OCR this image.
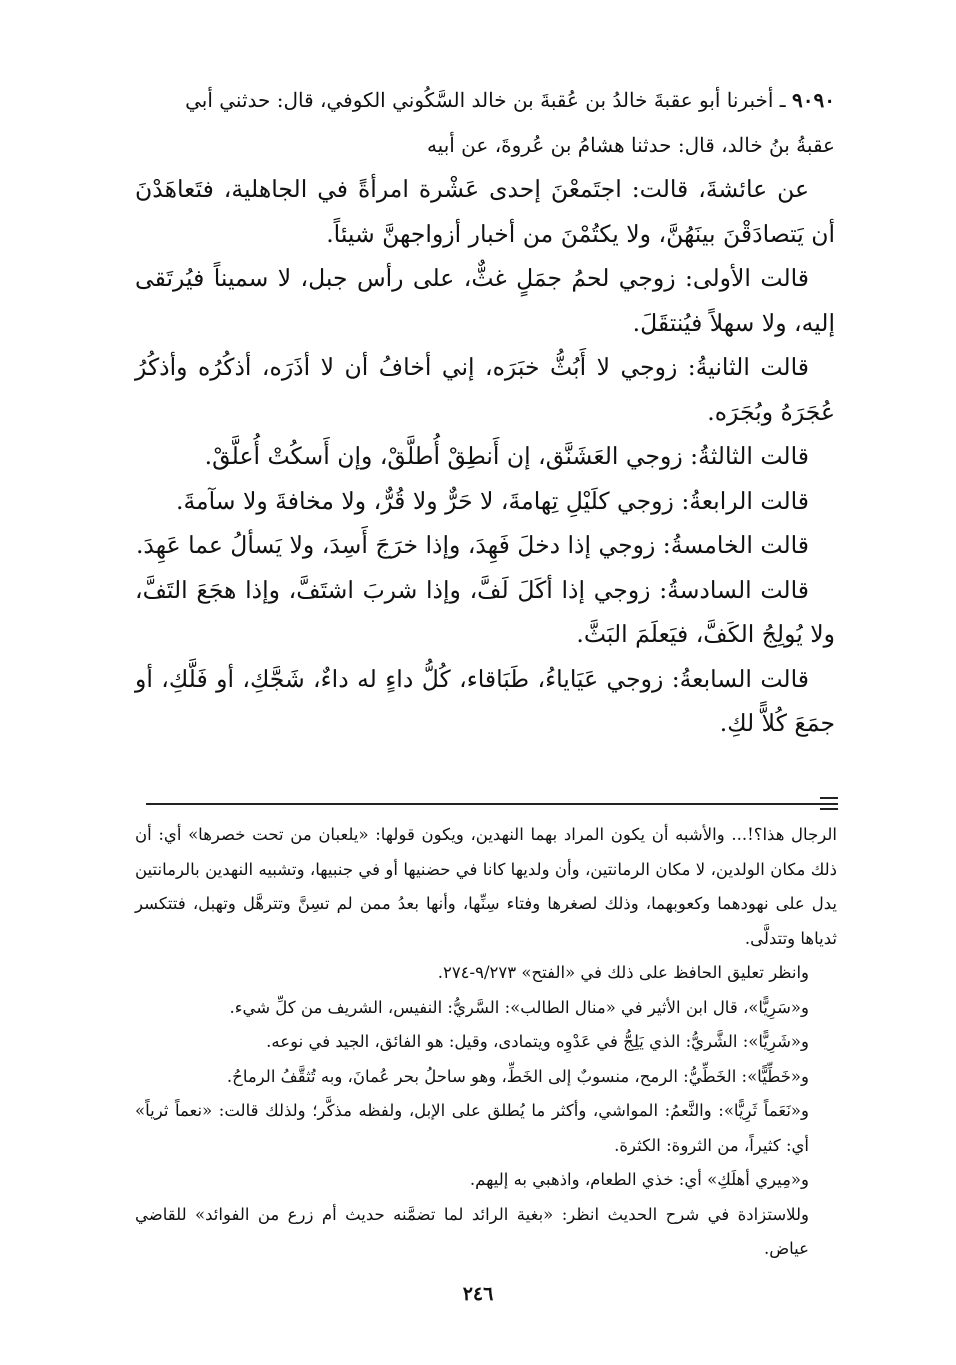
٩٠٩٠ ـ أخبرنا أبو عقبةَ خالدُ بن عُقبةَ بن خالد السَّكُوني الكوفي، قال: حدثني أبي

عقبةُ بنُ خالد، قال: حدثنا هشامُ بن عُروةَ، عن أبيه

عن عائشةَ، قالت: اجتَمعْنَ إحدى عَشْرة امرأةً في الجاهلية، فتَعاهَدْنَ أن يَتصادَقْنَ بينَهُنَّ، ولا يكتُمْنَ من أخبار أزواجهنَّ شيئاً.

قالت الأولى: زوجي لحمُ جمَلٍ غثٌّ، على رأس جبل، لا سميناً فيُرتَقى إليه، ولا سهلاً فيُنتقَلَ.

قالت الثانيةُ: زوجي لا أَبُثُّ خبَرَه، إني أخافُ أن لا أذَرَه، أذكُرُه وأذكُرُ عُجَرَهُ وبُجَرَه.

قالت الثالثةُ: زوجي العَشَنَّق، إن أَنطِقْ أُطلَّقْ، وإن أَسكُتْ أُعلَّقْ.

قالت الرابعةُ: زوجي كلَيْلِ تِهامةَ، لا حَرٌّ ولا قُرٌّ، ولا مخافةَ ولا سآمةَ.

قالت الخامسةُ: زوجي إذا دخلَ فَهِدَ، وإذا خرَجَ أَسِدَ، ولا يَسألُ عما عَهِدَ.

قالت السادسةُ: زوجي إذا أكَلَ لَفَّ، وإذا شربَ اشتَفَّ، وإذا هجَعَ التَفَّ، ولا يُولِجُ الكَفَّ، فيَعلَمَ البَثَّ.

قالت السابعةُ: زوجي عَيَاياءُ، طَبَاقاء، كُلُّ داءٍ له داءٌ، شَجَّكِ، أو فَلَّكِ، أو جمَعَ كُلاًّ لكِ.

الرجال هذا؟!... والأشبه أن يكون المراد بهما النهدين، ويكون قولها: «يلعبان من تحت خصرها» أي: أن ذلك مكان الولدين، لا مكان الرمانتين، وأن ولديها كانا في حضنيها أو في جنبيها، وتشبيه النهدين بالرمانتين يدل على نهودهما وكعوبهما، وذلك لصغرها وفتاء سِنِّها، وأنها بعدُ ممن لم تسِنَّ وتترهَّل وتهبل، فتتكسر ثدياها وتتدلَّى.

وانظر تعليق الحافظ على ذلك في «الفتح» ٩/٢٧٣-٢٧٤.

و«سَرِيًّا»، قال ابن الأثير في «منال الطالب»: السَّريُّ: النفيس، الشريف من كلِّ شيء.

و«شَرِيًّا»: الشَّريُّ: الذي يَلِجُّ في عَدْوِه ويتمادى، وقيل: هو الفائق، الجيد في نوعه.

و«خَطِّيًّا»: الخَطِّيُّ: الرمح، منسوبٌ إلى الخَطِّ، وهو ساحلُ بحر عُمانَ، وبه تُثقَّفُ الرماحُ.

و«نَعَماً ثَرِيًّا»: والنَّعمُ: المواشي، وأكثر ما يُطلق على الإبل، ولفظه مذكَّر؛ ولذلك قالت: «نعماً ثرياً» أي: كثيراً، من الثروة: الكثرة.

و«مِيري أهلَكِ» أي: خذي الطعام، واذهبي به إليهم.

وللاستزادة في شرح الحديث انظر: «بغية الرائد لما تضمَّنه حديث أم زرع من الفوائد» للقاضي عياض.

٢٤٦
